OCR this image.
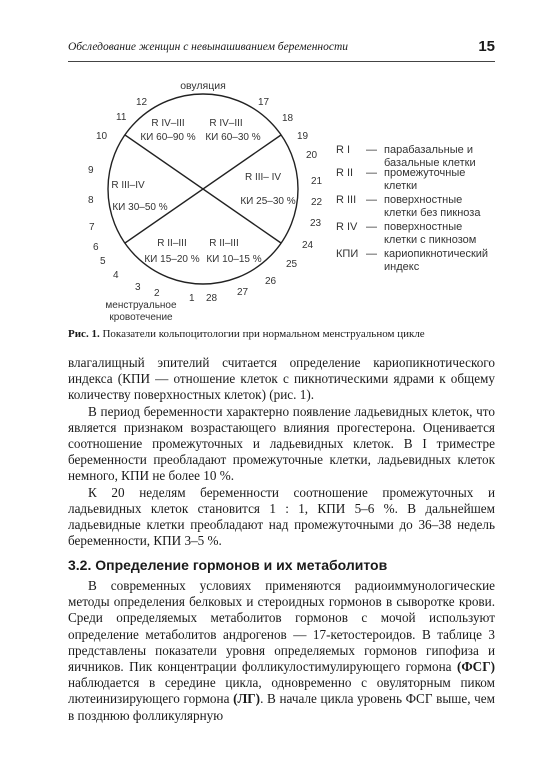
Обследование женщин с невынашиванием беременности	15
овуляция
менструальное
кровотечение
1
2
3
4
5
6
7
8
9
10
11
12	17
18
19
20
21
22
23
24
25
26
27
28
R IV–III
КИ 60–90 %
R IV–III
КИ 60–30 %
R III–IV
КИ 30–50 %
R III– IV
КИ 25–30 %
R II–III
КИ 15–20 %
R II–III
КИ 10–15 %
R I	— парабазальные и
базальные клетки
R II	— промежуточные
клетки
R III — поверхностные
клетки без пикноза
R IV — поверхностные
клетки с пикнозом
КПИ — кариопикнотический
индекс
Рис. 1. Показатели кольпоцитологии при нормальном менструальном цикле

влагалищный эпителий считается определение кариопикнотического индекса (КПИ — отношение клеток с пикнотическими ядрами к общему количеству поверхностных клеток) (рис. 1).

В период беременности характерно появление ладьевидных клеток, что является признаком возрастающего влияния прогестерона. Оценивается соотношение промежуточных и ладьевидных клеток. В I триместре беременности преобладают промежуточные клетки, ладьевидных клеток немного, КПИ не более 10 %.

К 20 неделям беременности соотношение промежуточных и ладьевидных клеток становится 1 : 1, КПИ 5–6 %. В дальнейшем ладьевидные клетки преобладают над промежуточными до 36–38 недель беременности, КПИ 3–5 %.

3.2. Определение гормонов и их метаболитов

В современных условиях применяются радиоиммунологические методы определения белковых и стероидных гормонов в сыворотке крови. Среди определяемых метаболитов гормонов с мочой используют определение метаболитов андрогенов — 17-кетостероидов. В таблице 3 представлены показатели уровня определяемых гормонов гипофиза и яичников. Пик концентрации фолликулостимулирующего гормона (ФСГ) наблюдается в середине цикла, одновременно с овуляторным пиком лютеинизирующего гормона (ЛГ). В начале цикла уровень ФСГ выше, чем в позднюю фолликулярную
